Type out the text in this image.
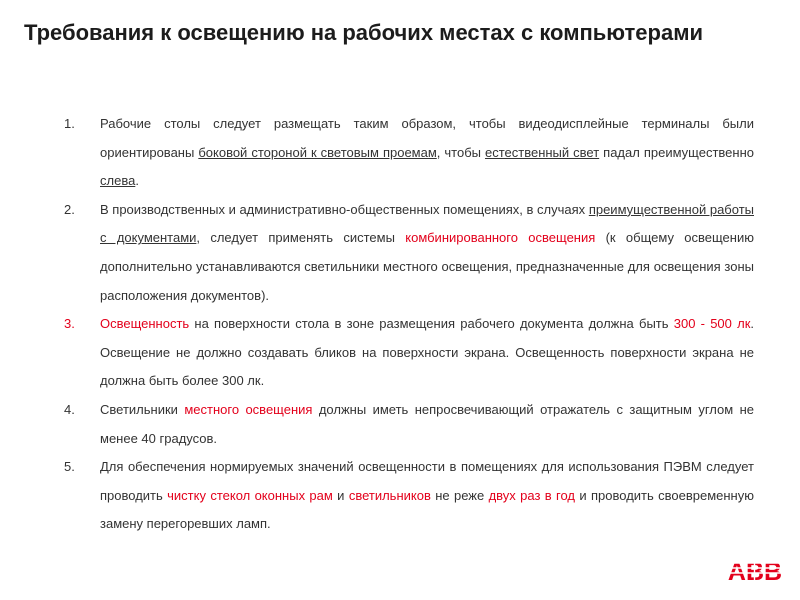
Требования к освещению на рабочих местах с компьютерами
1. Рабочие столы следует размещать таким образом, чтобы видеодисплейные терминалы были ориентированы боковой стороной к световым проемам, чтобы естественный свет падал преимущественно слева.
2. В производственных и административно-общественных помещениях, в случаях преимущественной работы с документами, следует применять системы комбинированного освещения (к общему освещению дополнительно устанавливаются светильники местного освещения, предназначенные для освещения зоны расположения документов).
3. Освещенность на поверхности стола в зоне размещения рабочего документа должна быть 300 - 500 лк. Освещение не должно создавать бликов на поверхности экрана. Освещенность поверхности экрана не должна быть более 300 лк.
4. Светильники местного освещения должны иметь непросвечивающий отражатель с защитным углом не менее 40 градусов.
5. Для обеспечения нормируемых значений освещенности в помещениях для использования ПЭВМ следует проводить чистку стекол оконных рам и светильников не реже двух раз в год и проводить своевременную замену перегоревших ламп.
ABB
